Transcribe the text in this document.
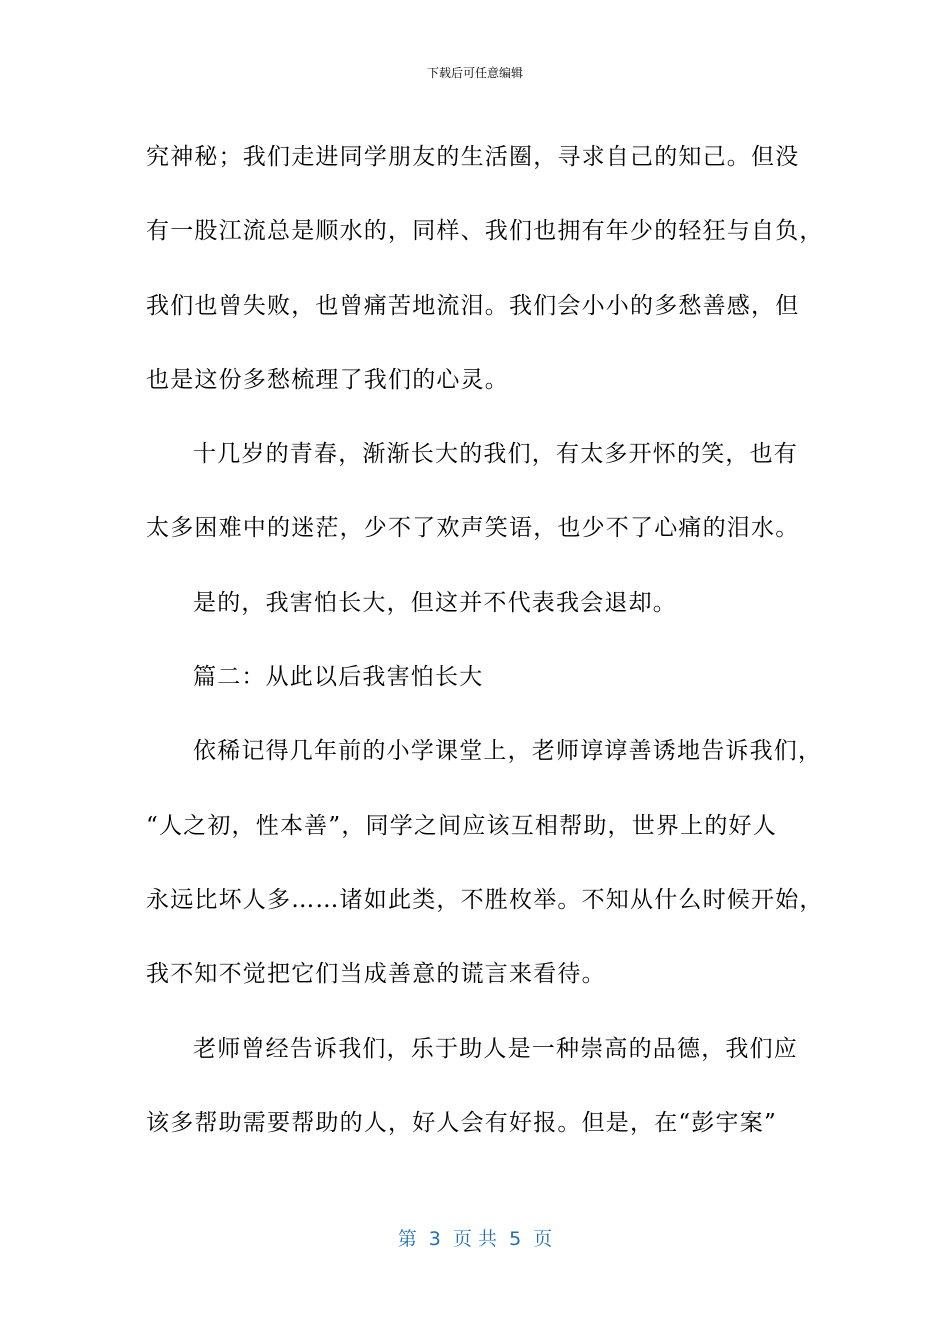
下载后可任意编辑
究神秘；我们走进同学朋友的生活圈，寻求自己的知己。但没
有一股江流总是顺水的，同样、我们也拥有年少的轻狂与自负，
我们也曾失败，也曾痛苦地流泪。我们会小小的多愁善感，但
也是这份多愁梳理了我们的心灵。
十几岁的青春，渐渐长大的我们，有太多开怀的笑，也有
太多困难中的迷茫，少不了欢声笑语，也少不了心痛的泪水。
是的，我害怕长大，但这并不代表我会退却。
篇二：从此以后我害怕长大
依稀记得几年前的小学课堂上，老师谆谆善诱地告诉我们，
“人之初，性本善”，同学之间应该互相帮助，世界上的好人
永远比坏人多……诸如此类，不胜枚举。不知从什么时候开始，
我不知不觉把它们当成善意的谎言来看待。
老师曾经告诉我们，乐于助人是一种崇高的品德，我们应
该多帮助需要帮助的人，好人会有好报。但是，在“彭宇案”
第  3  页 共  5  页
